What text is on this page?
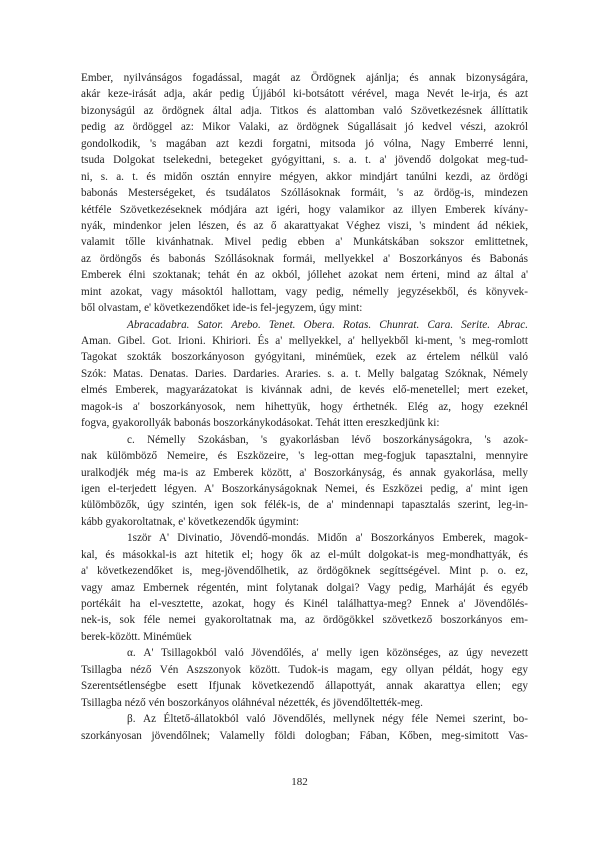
Ember, nyilvánságos fogadással, magát az Ördögnek ajánlja; és annak bizonyságára,
akár keze-irását adja, akár pedig Újjából ki-botsátott vérével, maga Nevét le-irja, és azt
bizonyságúl az ördögnek által adja. Titkos és alattomban való Szövetkezésnek állíttatik
pedig az ördöggel az: Mikor Valaki, az ördögnek Súgallásait jó kedvel vészi, azokról
gondolkodik, 's magában azt kezdi forgatni, mitsoda jó vólna, Nagy Emberré lenni,
tsuda Dolgokat tselekedni, betegeket gyógyittani, s. a. t. a' jövendő dolgokat meg-tud-
ni, s. a. t. és midőn osztán ennyire mégyen, akkor mindjárt tanúlni kezdi, az ördögi
babonás Mesterségeket, és tsudálatos Szóllásoknak formáit, 's az ördög-is, mindezen
kétféle Szövetkezéseknek módjára azt igéri, hogy valamikor az illyen Emberek kívány-
nyák, mindenkor jelen lészen, és az ő akarattyakat Véghez viszi, 's mindent ád nékiek,
valamit tőlle kivánhatnak. Mivel pedig ebben a' Munkátskában sokszor emlittetnek,
az ördöngős és babonás Szóllásoknak formái, mellyekkel a' Boszorkányos és Babonás
Emberek élni szoktanak; tehát én az okból, jóllehet azokat nem érteni, mind az által a'
mint azokat, vagy másoktól hallottam, vagy pedig, némelly jegyzésekből, és könyvek-
ből olvastam, e' következendőket ide-is fel-jegyzem, úgy mint:
Abracadabra. Sator. Arebo. Tenet. Obera. Rotas. Chunrat. Cara. Serite. Abrac.
Aman. Gibel. Got. Irioni. Khiriori. És a' mellyekkel, a' hellyekből ki-ment, 's meg-romlott
Tagokat szokták boszorkányoson gyógyitani, minémüek, ezek az értelem nélkül való
Szók: Matas. Denatas. Daries. Dardaries. Araries. s. a. t. Melly balgatag Szóknak, Némely
elmés Emberek, magyarázatokat is kivánnak adni, de kevés elő-menetellel; mert ezeket,
magok-is a' boszorkányosok, nem hihettyük, hogy érthetnék. Elég az, hogy ezeknél
fogva, gyakorollyák babonás boszorkánykodásokat. Tehát itten ereszkedjünk ki:
c. Némelly Szokásban, 's gyakorlásban lévő boszorkányságokra, 's azok-
nak külömböző Nemeire, és Eszközeire, 's leg-ottan meg-fogjuk tapasztalni, mennyire
uralkodjék még ma-is az Emberek között, a' Boszorkányság, és annak gyakorlása, melly
igen el-terjedett légyen. A' Boszorkányságoknak Nemei, és Eszközei pedig, a' mint igen
külömbözők, úgy szintén, igen sok félék-is, de a' mindennapi tapasztalás szerint, leg-in-
kább gyakoroltatnak, e' következendők úgymint:
1ször A' Divinatio, Jövendő-mondás. Midőn a' Boszorkányos Emberek, magok-
kal, és másokkal-is azt hitetik el; hogy ők az el-múlt dolgokat-is meg-mondhattyák, és
a' következendőket is, meg-jövendőlhetik, az ördögöknek segíttségével. Mint p. o. ez,
vagy amaz Embernek régentén, mint folytanak dolgai? Vagy pedig, Marháját és egyéb
portékáit ha el-vesztette, azokat, hogy és Kinél találhattya-meg? Ennek a' Jövendőlés-
nek-is, sok féle nemei gyakoroltatnak ma, az ördögökkel szövetkező boszorkányos em-
berek-között. Minémüek
α. A' Tsillagokból való Jövendőlés, a' melly igen közönséges, az úgy nevezett
Tsillagba néző Vén Aszszonyok között. Tudok-is magam, egy ollyan példát, hogy egy
Szerentsétlenségbe esett Ifjunak következendő állapottyát, annak akarattya ellen; egy
Tsillagba néző vén boszorkányos oláhnéval nézették, és jövendőltették-meg.
β. Az Éltető-állatokból való Jövendőlés, mellynek négy féle Nemei szerint, bo-
szorkányosan jövendőlnek; Valamelly földi dologban; Fában, Kőben, meg-simitott Vas-
182
